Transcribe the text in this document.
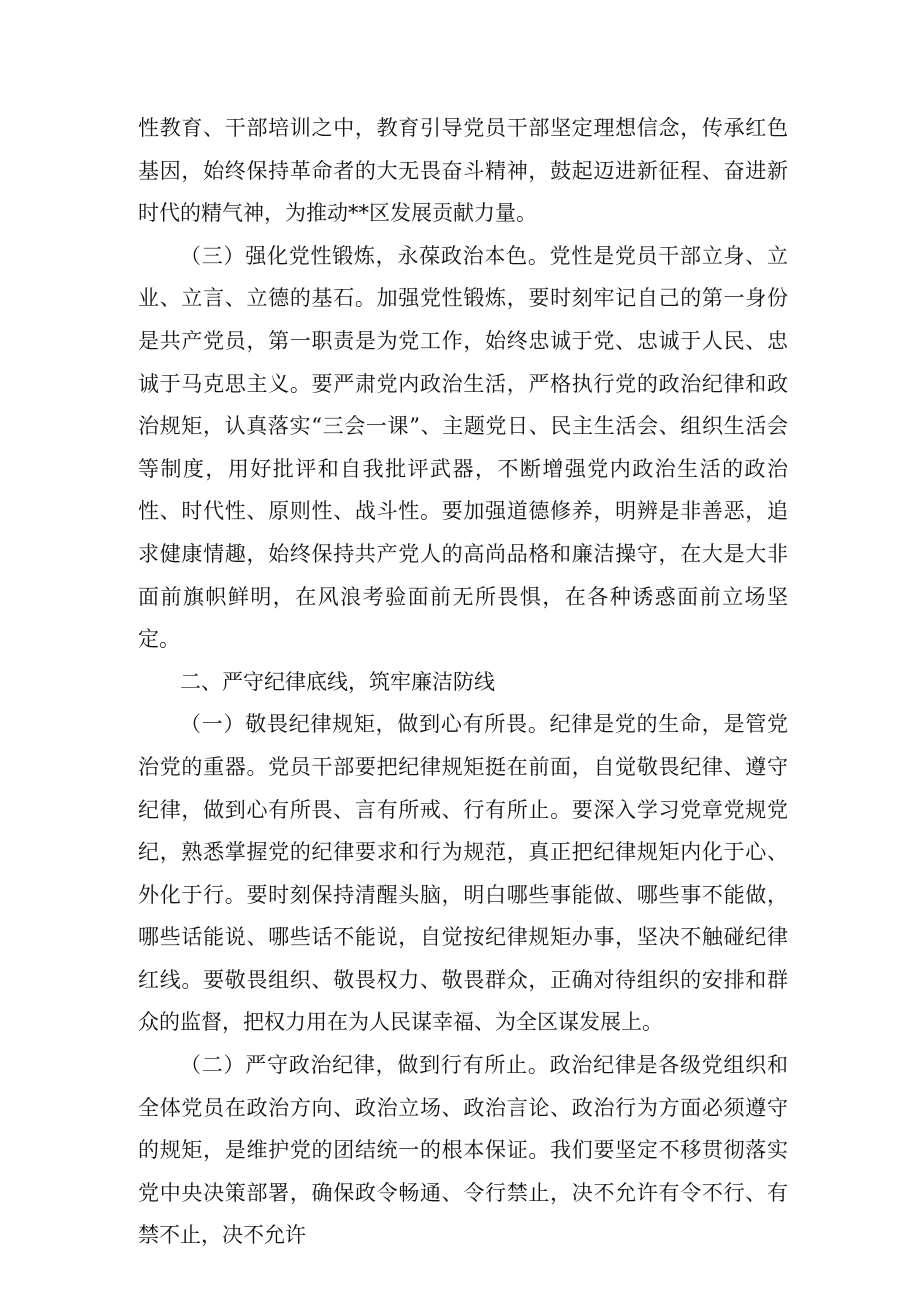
性教育、干部培训之中，教育引导党员干部坚定理想信念，传承红色基因，始终保持革命者的大无畏奋斗精神，鼓起迈进新征程、奋进新时代的精气神，为推动**区发展贡献力量。

（三）强化党性锻炼，永葆政治本色。党性是党员干部立身、立业、立言、立德的基石。加强党性锻炼，要时刻牢记自己的第一身份是共产党员，第一职责是为党工作，始终忠诚于党、忠诚于人民、忠诚于马克思主义。要严肃党内政治生活，严格执行党的政治纪律和政治规矩，认真落实“三会一课”、主题党日、民主生活会、组织生活会等制度，用好批评和自我批评武器，不断增强党内政治生活的政治性、时代性、原则性、战斗性。要加强道德修养，明辨是非善恶，追求健康情趣，始终保持共产党人的高尚品格和廉洁操守，在大是大非面前旗帜鲜明，在风浪考验面前无所畏惧，在各种诱惑面前立场坚定。

二、严守纪律底线，筑牢廉洁防线

（一）敬畏纪律规矩，做到心有所畏。纪律是党的生命，是管党治党的重器。党员干部要把纪律规矩挺在前面，自觉敬畏纪律、遵守纪律，做到心有所畏、言有所戒、行有所止。要深入学习党章党规党纪，熟悉掌握党的纪律要求和行为规范，真正把纪律规矩内化于心、外化于行。要时刻保持清醒头脑，明白哪些事能做、哪些事不能做，哪些话能说、哪些话不能说，自觉按纪律规矩办事，坚决不触碰纪律红线。要敬畏组织、敬畏权力、敬畏群众，正确对待组织的安排和群众的监督，把权力用在为人民谋幸福、为全区谋发展上。

（二）严守政治纪律，做到行有所止。政治纪律是各级党组织和全体党员在政治方向、政治立场、政治言论、政治行为方面必须遵守的规矩，是维护党的团结统一的根本保证。我们要坚定不移贯彻落实党中央决策部署，确保政令畅通、令行禁止，决不允许有令不行、有禁不止，决不允许
